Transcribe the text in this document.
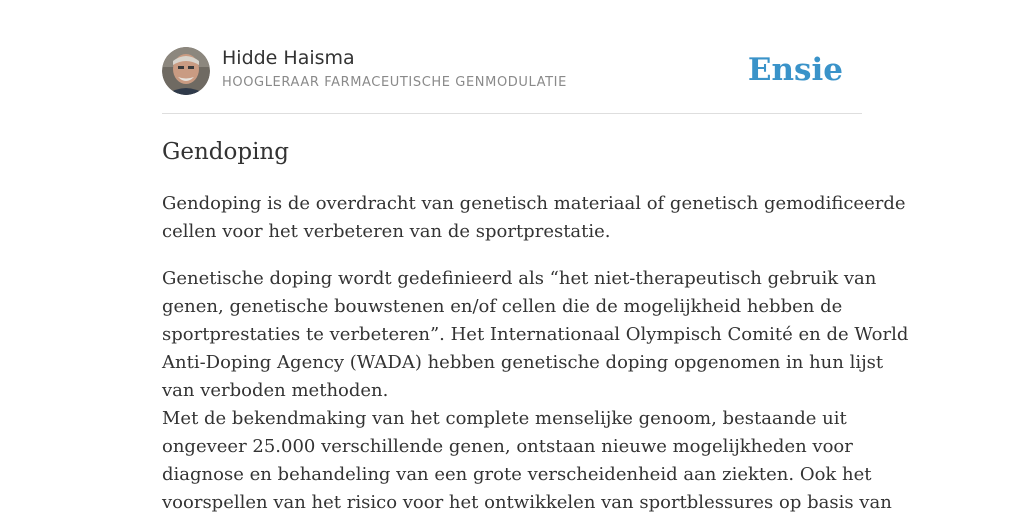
Hidde Haisma
HOOGLERAAR FARMACEUTISCHE GENMODULATIE	Ensie
Gendoping

Gendoping is de overdracht van genetisch materiaal of genetisch gemodificeerde
cellen voor het verbeteren van de sportprestatie.

Genetische doping wordt gedefinieerd als “het niet-therapeutisch gebruik van
genen, genetische bouwstenen en/of cellen die de mogelijkheid hebben de
sportprestaties te verbeteren”. Het Internationaal Olympisch Comité en de World
Anti-Doping Agency (WADA) hebben genetische doping opgenomen in hun lijst
van verboden methoden.
Met de bekendmaking van het complete menselijke genoom, bestaande uit
ongeveer 25.000 verschillende genen, ontstaan nieuwe mogelijkheden voor
diagnose en behandeling van een grote verscheidenheid aan ziekten. Ook het
voorspellen van het risico voor het ontwikkelen van sportblessures op basis van
